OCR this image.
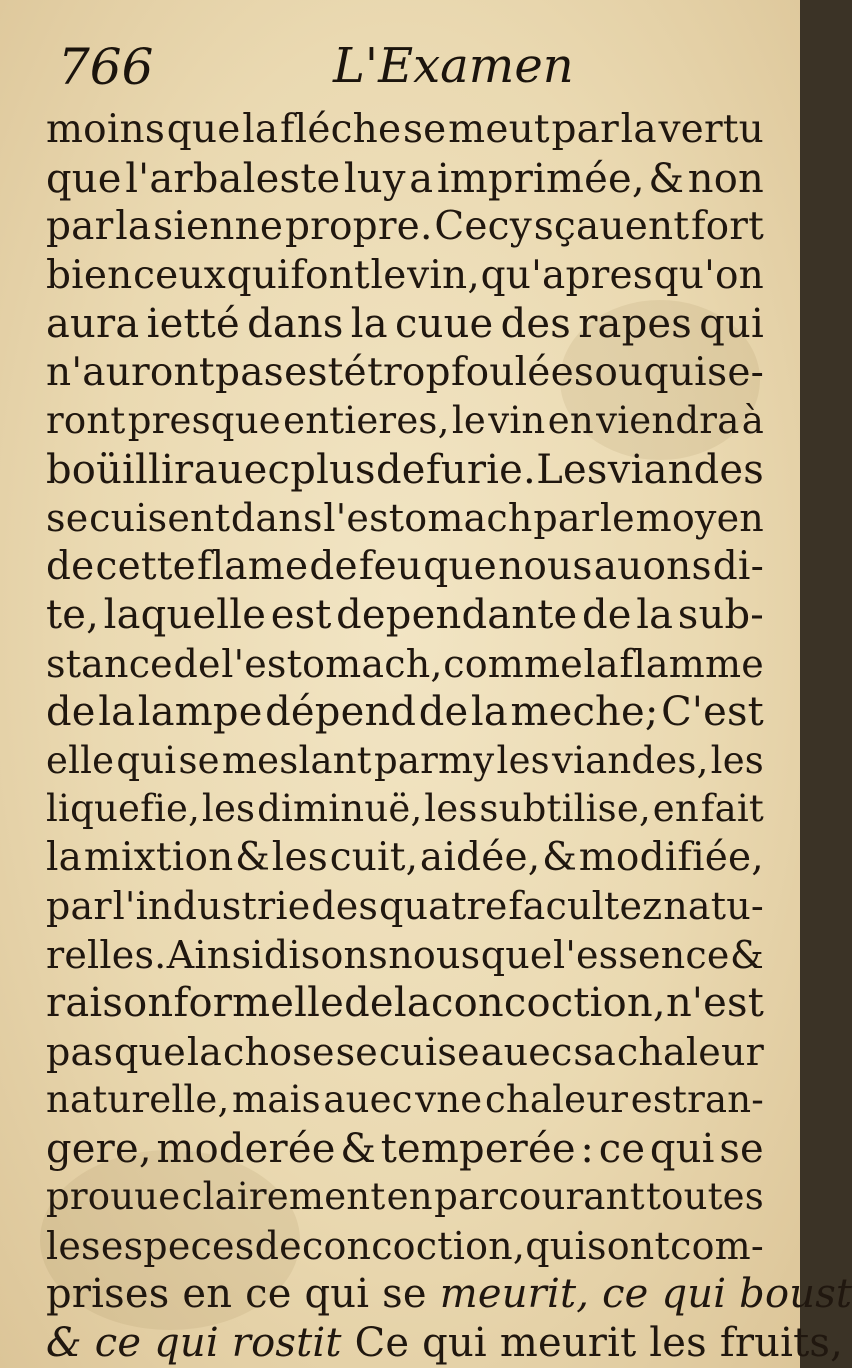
766	L'Examen
moins que la fléche se meut par la vertu
que l'arbaleste luy a imprimée, & non
par la sienne propre. Cecy sçauent fort
bien ceux qui font le vin, qu'apres qu'on
aura ietté dans la cuue des rapes qui
n'auront pas esté trop foulées ou qui se-
ront presque entieres, le vin en viendra à
boüillir auec plus de furie. Les viandes
se cuisent dans l'estomach par le moyen
de cette flame de feu que nous auons di-
te, laquelle est dependante de la sub-
stance de l'estomach, comme la flamme
de la lampe dépend de la meche; C'est
elle qui se meslant parmy les viandes, les
liquefie, les diminuë, les subtilise, en fait
la mixtion & les cuit, aidée, & modifiée,
par l'industrie des quatre facultez natu-
relles. Ainsi disons nous que l'essence &
raison formelle de la concoction, n'est
pas que la chose se cuise auec sa chaleur
naturelle, mais auec vne chaleur estran-
gere, moderée & temperée : ce qui se
prouue clairement en parcourant toutes
les especes de concoction, qui sont com-
prises en ce qui se
meurit, ce qui boust
& ce qui rostit
Ce qui meurit les fruits,
